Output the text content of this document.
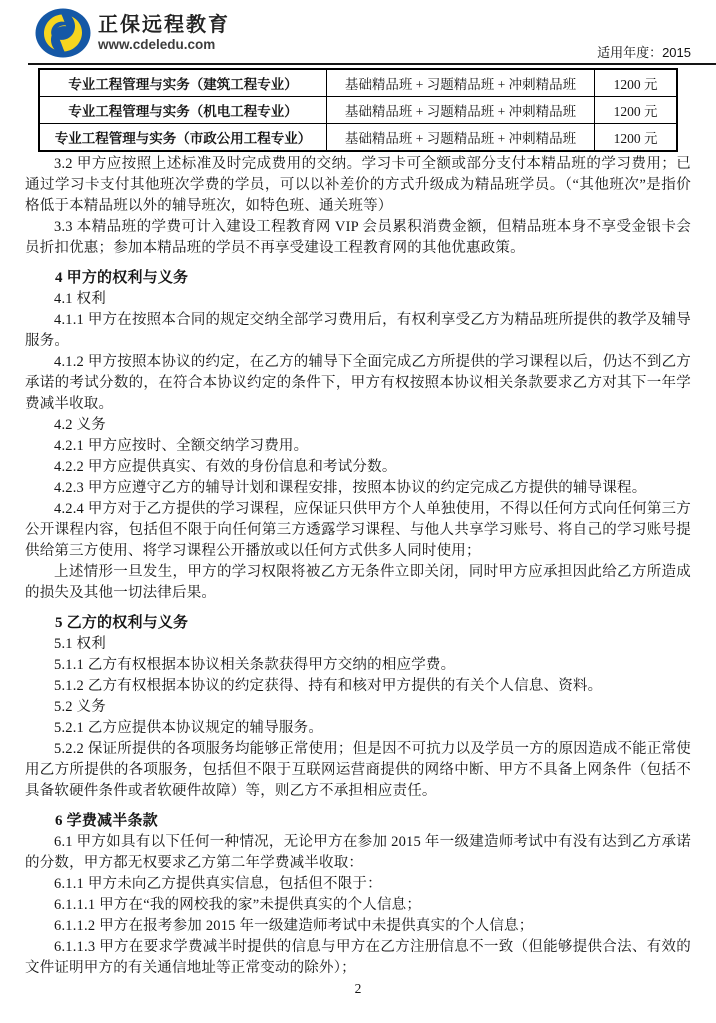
正保远程教育
www.cdeledu.com
适用年度：2015
专业工程管理与实务（建筑工程专业）	基础精品班 + 习题精品班 + 冲刺精品班	1200 元
专业工程管理与实务（机电工程专业）	基础精品班 + 习题精品班 + 冲刺精品班	1200 元
专业工程管理与实务（市政公用工程专业）	基础精品班 + 习题精品班 + 冲刺精品班	1200 元

3.2 甲方应按照上述标准及时完成费用的交纳。学习卡可全额或部分支付本精品班的学习费用；已通过学习卡支付其他班次学费的学员，可以以补差价的方式升级成为精品班学员。（“其他班次”是指价格低于本精品班以外的辅导班次，如特色班、通关班等）

3.3 本精品班的学费可计入建设工程教育网 VIP 会员累积消费金额，但精品班本身不享受金银卡会员折扣优惠；参加本精品班的学员不再享受建设工程教育网的其他优惠政策。

4 甲方的权利与义务

4.1 权利

4.1.1 甲方在按照本合同的规定交纳全部学习费用后，有权利享受乙方为精品班所提供的教学及辅导服务。

4.1.2 甲方按照本协议的约定，在乙方的辅导下全面完成乙方所提供的学习课程以后，仍达不到乙方承诺的考试分数的，在符合本协议约定的条件下，甲方有权按照本协议相关条款要求乙方对其下一年学费减半收取。

4.2 义务

4.2.1 甲方应按时、全额交纳学习费用。

4.2.2 甲方应提供真实、有效的身份信息和考试分数。

4.2.3 甲方应遵守乙方的辅导计划和课程安排，按照本协议的约定完成乙方提供的辅导课程。

4.2.4 甲方对于乙方提供的学习课程，应保证只供甲方个人单独使用，不得以任何方式向任何第三方公开课程内容，包括但不限于向任何第三方透露学习课程、与他人共享学习账号、将自己的学习账号提供给第三方使用、将学习课程公开播放或以任何方式供多人同时使用；

上述情形一旦发生，甲方的学习权限将被乙方无条件立即关闭，同时甲方应承担因此给乙方所造成的损失及其他一切法律后果。

5 乙方的权利与义务

5.1 权利

5.1.1 乙方有权根据本协议相关条款获得甲方交纳的相应学费。

5.1.2 乙方有权根据本协议的约定获得、持有和核对甲方提供的有关个人信息、资料。

5.2 义务

5.2.1 乙方应提供本协议规定的辅导服务。

5.2.2 保证所提供的各项服务均能够正常使用；但是因不可抗力以及学员一方的原因造成不能正常使用乙方所提供的各项服务，包括但不限于互联网运营商提供的网络中断、甲方不具备上网条件（包括不具备软硬件条件或者软硬件故障）等，则乙方不承担相应责任。

6 学费减半条款

6.1 甲方如具有以下任何一种情况，无论甲方在参加 2015 年一级建造师考试中有没有达到乙方承诺的分数，甲方都无权要求乙方第二年学费减半收取：

6.1.1 甲方未向乙方提供真实信息，包括但不限于：

6.1.1.1 甲方在“我的网校我的家”未提供真实的个人信息；

6.1.1.2 甲方在报考参加 2015 年一级建造师考试中未提供真实的个人信息；

6.1.1.3 甲方在要求学费减半时提供的信息与甲方在乙方注册信息不一致（但能够提供合法、有效的文件证明甲方的有关通信地址等正常变动的除外）；

2
